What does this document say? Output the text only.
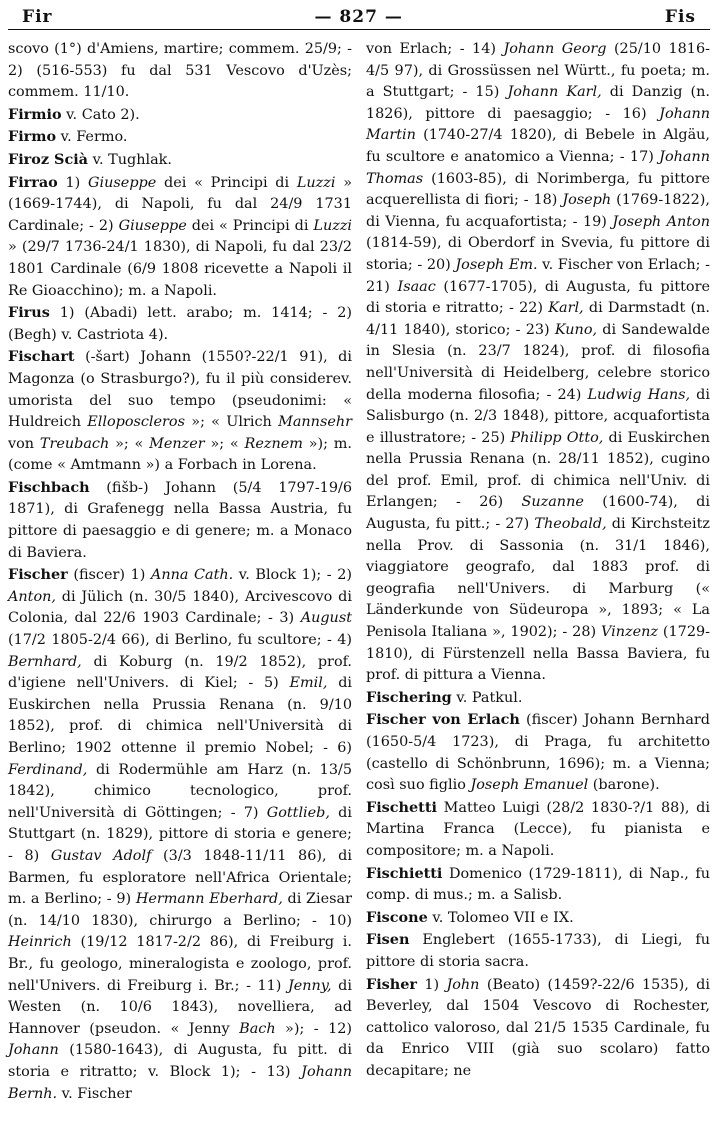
Fir	— 827 —	Fis

scovo (1°) d'Amiens, martire; commem. 25/9; - 2) (516-553) fu dal 531 Vescovo d'Uzès; commem. 11/10.

Firmio v. Cato 2).

Firmo v. Fermo.

Firoz Scià v. Tughlak.

Firrao 1) Giuseppe dei « Principi di Luzzi » (1669-1744), di Napoli, fu dal 24/9 1731 Cardinale; - 2) Giuseppe dei « Principi di Luzzi » (29/7 1736-24/1 1830), di Napoli, fu dal 23/2 1801 Cardinale (6/9 1808 ricevette a Napoli il Re Gioacchino); m. a Napoli.

Firus 1) (Abadi) lett. arabo; m. 1414; - 2) (Begh) v. Castriota 4).

Fischart (-šart) Johann (1550?-22/1 91), di Magonza (o Strasburgo?), fu il più considerev. umorista del suo tempo (pseudonimi: « Huldreich Elloposcleros »; « Ulrich Mannsehr von Treubach »; « Menzer »; « Reznem »); m. (come « Amtmann ») a Forbach in Lorena.

Fischbach (fišb-) Johann (5/4 1797-19/6 1871), di Grafenegg nella Bassa Austria, fu pittore di paesaggio e di genere; m. a Monaco di Baviera.

Fischer (fiscer) 1) Anna Cath. v. Block 1); - 2) Anton, di Jülich (n. 30/5 1840), Arcivescovo di Colonia, dal 22/6 1903 Cardinale; - 3) August (17/2 1805-2/4 66), di Berlino, fu scultore; - 4) Bernhard, di Koburg (n. 19/2 1852), prof. d'igiene nell'Univers. di Kiel; - 5) Emil, di Euskirchen nella Prussia Renana (n. 9/10 1852), prof. di chimica nell'Università di Berlino; 1902 ottenne il premio Nobel; - 6) Ferdinand, di Rodermühle am Harz (n. 13/5 1842), chimico tecnologico, prof. nell'Università di Göttingen; - 7) Gottlieb, di Stuttgart (n. 1829), pittore di storia e genere; - 8) Gustav Adolf (3/3 1848-11/11 86), di Barmen, fu esploratore nell'Africa Orientale; m. a Berlino; - 9) Hermann Eberhard, di Ziesar (n. 14/10 1830), chirurgo a Berlino; - 10) Heinrich (19/12 1817-2/2 86), di Freiburg i. Br., fu geologo, mineralogista e zoologo, prof. nell'Univers. di Freiburg i. Br.; - 11) Jenny, di Westen (n. 10/6 1843), novelliera, ad Hannover (pseudon. « Jenny Bach »); - 12) Johann (1580-1643), di Augusta, fu pitt. di storia e ritratto; v. Block 1); - 13) Johann Bernh. v. Fischer

von Erlach; - 14) Johann Georg (25/10 1816-4/5 97), di Grossüssen nel Württ., fu poeta; m. a Stuttgart; - 15) Johann Karl, di Danzig (n. 1826), pittore di paesaggio; - 16) Johann Martin (1740-27/4 1820), di Bebele in Algäu, fu scultore e anatomico a Vienna; - 17) Johann Thomas (1603-85), di Norimberga, fu pittore acquerellista di fiori; - 18) Joseph (1769-1822), di Vienna, fu acquafortista; - 19) Joseph Anton (1814-59), di Oberdorf in Svevia, fu pittore di storia; - 20) Joseph Em. v. Fischer von Erlach; - 21) Isaac (1677-1705), di Augusta, fu pittore di storia e ritratto; - 22) Karl, di Darmstadt (n. 4/11 1840), storico; - 23) Kuno, di Sandewalde in Slesia (n. 23/7 1824), prof. di filosofia nell'Università di Heidelberg, celebre storico della moderna filosofia; - 24) Ludwig Hans, di Salisburgo (n. 2/3 1848), pittore, acquafortista e illustratore; - 25) Philipp Otto, di Euskirchen nella Prussia Renana (n. 28/11 1852), cugino del prof. Emil, prof. di chimica nell'Univ. di Erlangen; - 26) Suzanne (1600-74), di Augusta, fu pitt.; - 27) Theobald, di Kirchsteitz nella Prov. di Sassonia (n. 31/1 1846), viaggiatore geografo, dal 1883 prof. di geografia nell'Univers. di Marburg (« Länderkunde von Südeuropa », 1893; « La Penisola Italiana », 1902); - 28) Vinzenz (1729-1810), di Fürstenzell nella Bassa Baviera, fu prof. di pittura a Vienna.

Fischering v. Patkul.

Fischer von Erlach (fiscer) Johann Bernhard (1650-5/4 1723), di Praga, fu architetto (castello di Schönbrunn, 1696); m. a Vienna; così suo figlio Joseph Emanuel (barone).

Fischetti Matteo Luigi (28/2 1830-?/1 88), di Martina Franca (Lecce), fu pianista e compositore; m. a Napoli.

Fischietti Domenico (1729-1811), di Nap., fu comp. di mus.; m. a Salisb.

Fiscone v. Tolomeo VII e IX.

Fisen Englebert (1655-1733), di Liegi, fu pittore di storia sacra.

Fisher 1) John (Beato) (1459?-22/6 1535), di Beverley, dal 1504 Vescovo di Rochester, cattolico valoroso, dal 21/5 1535 Cardinale, fu da Enrico VIII (già suo scolaro) fatto decapitare; ne
